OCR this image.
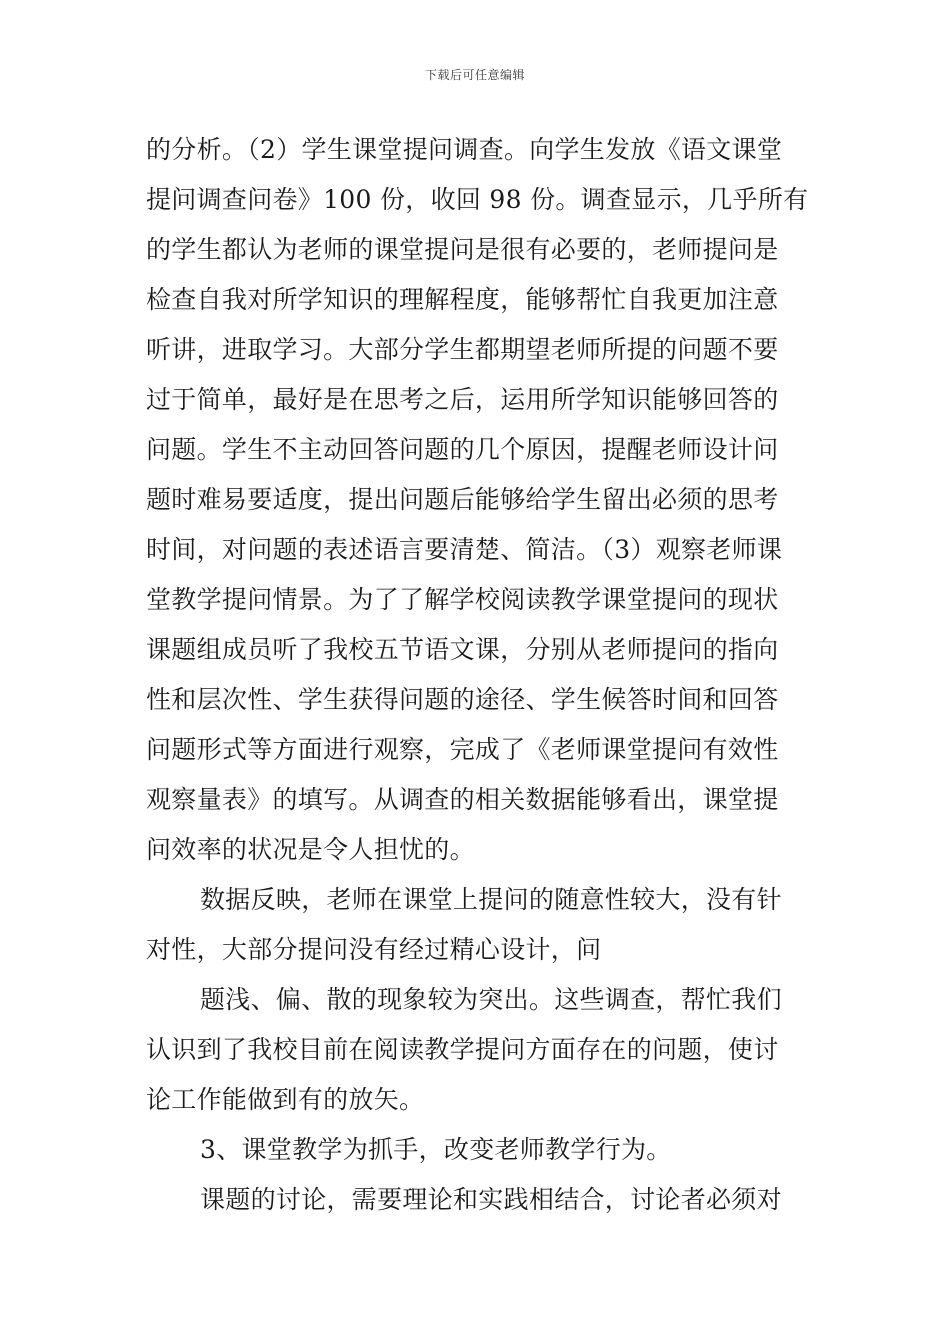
下载后可任意编辑
的分析。（2）学生课堂提问调查。向学生发放《语文课堂
提问调查问卷》100 份，收回 98 份。调查显示，几乎所有
的学生都认为老师的课堂提问是很有必要的，老师提问是
检查自我对所学知识的理解程度，能够帮忙自我更加注意
听讲，进取学习。大部分学生都期望老师所提的问题不要
过于简单，最好是在思考之后，运用所学知识能够回答的
问题。学生不主动回答问题的几个原因，提醒老师设计问
题时难易要适度，提出问题后能够给学生留出必须的思考
时间，对问题的表述语言要清楚、简洁。（3）观察老师课
堂教学提问情景。为了了解学校阅读教学课堂提问的现状
课题组成员听了我校五节语文课，分别从老师提问的指向
性和层次性、学生获得问题的途径、学生候答时间和回答
问题形式等方面进行观察，完成了《老师课堂提问有效性
观察量表》的填写。从调查的相关数据能够看出，课堂提
问效率的状况是令人担忧的。
数据反映，老师在课堂上提问的随意性较大，没有针
对性，大部分提问没有经过精心设计，问
题浅、偏、散的现象较为突出。这些调查，帮忙我们
认识到了我校目前在阅读教学提问方面存在的问题，使讨
论工作能做到有的放矢。
3、课堂教学为抓手，改变老师教学行为。
课题的讨论，需要理论和实践相结合，讨论者必须对
